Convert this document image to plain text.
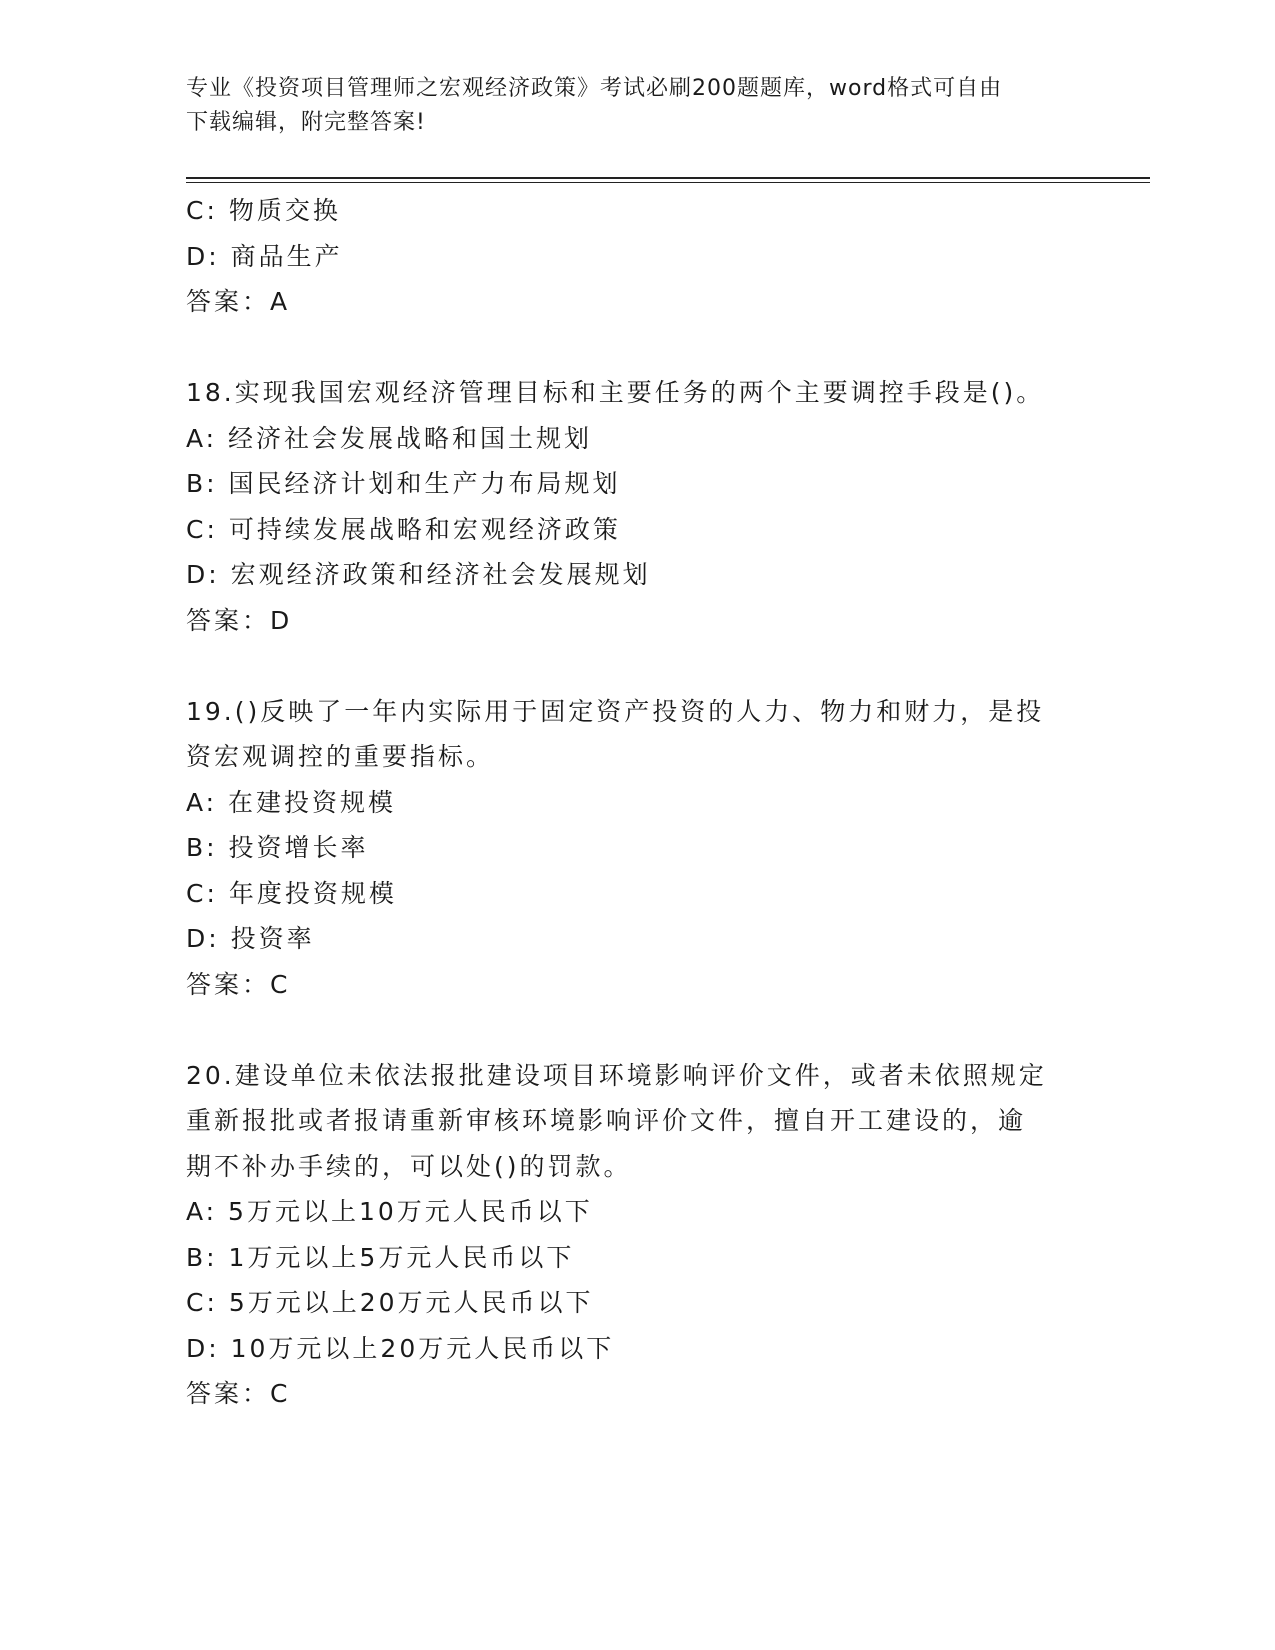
专业《投资项目管理师之宏观经济政策》考试必刷200题题库，word格式可自由
下载编辑，附完整答案!
C: 物质交换
D: 商品生产
答案：A
18.实现我国宏观经济管理目标和主要任务的两个主要调控手段是()。
A: 经济社会发展战略和国土规划
B: 国民经济计划和生产力布局规划
C: 可持续发展战略和宏观经济政策
D: 宏观经济政策和经济社会发展规划
答案：D
19.()反映了一年内实际用于固定资产投资的人力、物力和财力，是投
资宏观调控的重要指标。
A: 在建投资规模
B: 投资增长率
C: 年度投资规模
D: 投资率
答案：C
20.建设单位未依法报批建设项目环境影响评价文件，或者未依照规定
重新报批或者报请重新审核环境影响评价文件，擅自开工建设的，逾
期不补办手续的，可以处()的罚款。
A: 5万元以上10万元人民币以下
B: 1万元以上5万元人民币以下
C: 5万元以上20万元人民币以下
D: 10万元以上20万元人民币以下
答案：C
